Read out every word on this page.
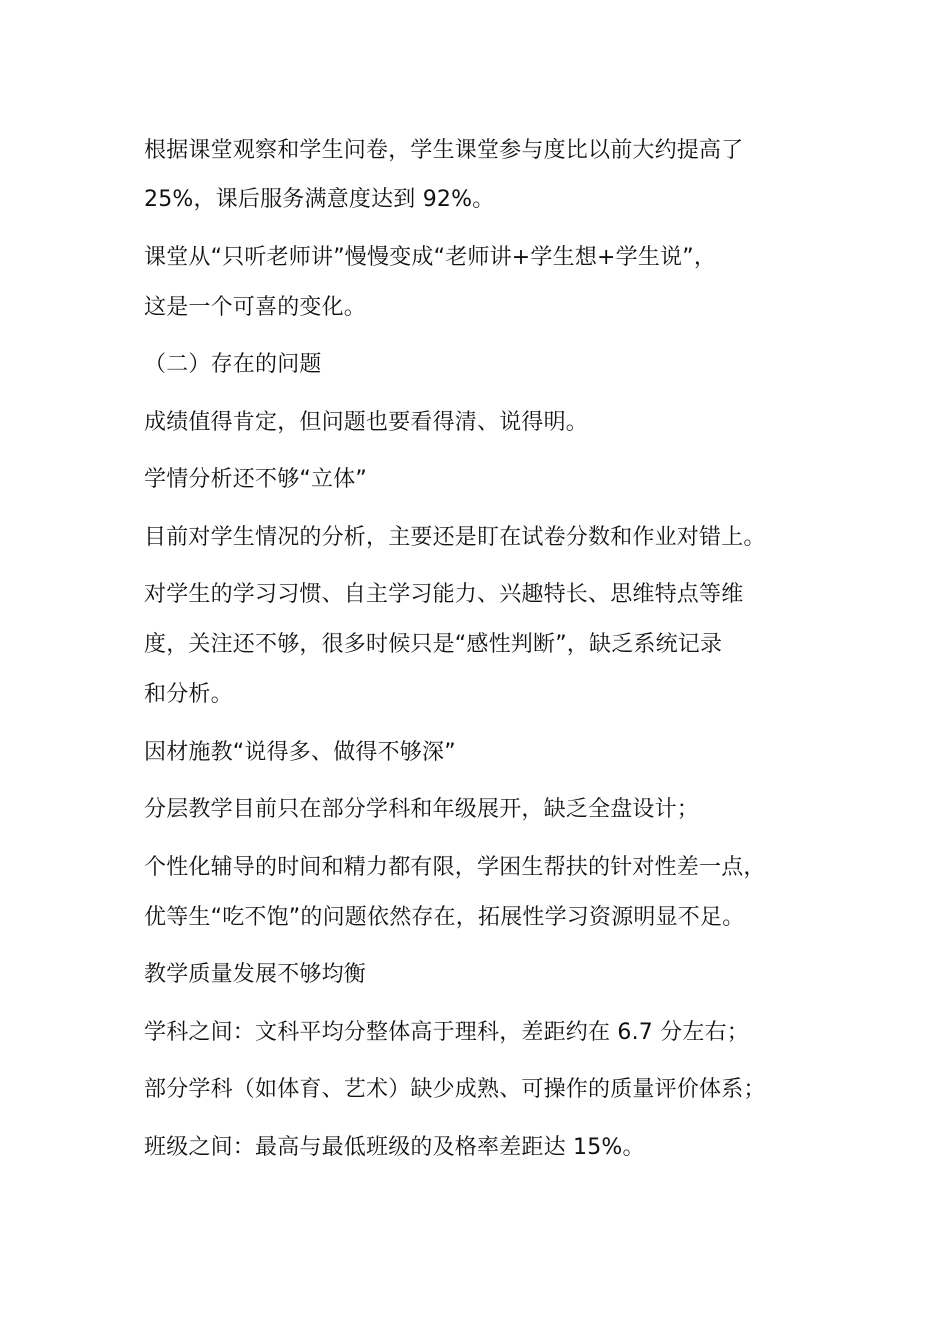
根据课堂观察和学生问卷，学生课堂参与度比以前大约提高了
25%，课后服务满意度达到 92%。
课堂从“只听老师讲”慢慢变成“老师讲+学生想+学生说”，
这是一个可喜的变化。
（二）存在的问题
成绩值得肯定，但问题也要看得清、说得明。
学情分析还不够“立体”
目前对学生情况的分析，主要还是盯在试卷分数和作业对错上。
对学生的学习习惯、自主学习能力、兴趣特长、思维特点等维
度，关注还不够，很多时候只是“感性判断”，缺乏系统记录
和分析。
因材施教“说得多、做得不够深”
分层教学目前只在部分学科和年级展开，缺乏全盘设计；
个性化辅导的时间和精力都有限，学困生帮扶的针对性差一点，
优等生“吃不饱”的问题依然存在，拓展性学习资源明显不足。
教学质量发展不够均衡
学科之间：文科平均分整体高于理科，差距约在 6.7 分左右；
部分学科（如体育、艺术）缺少成熟、可操作的质量评价体系；
班级之间：最高与最低班级的及格率差距达 15%。
